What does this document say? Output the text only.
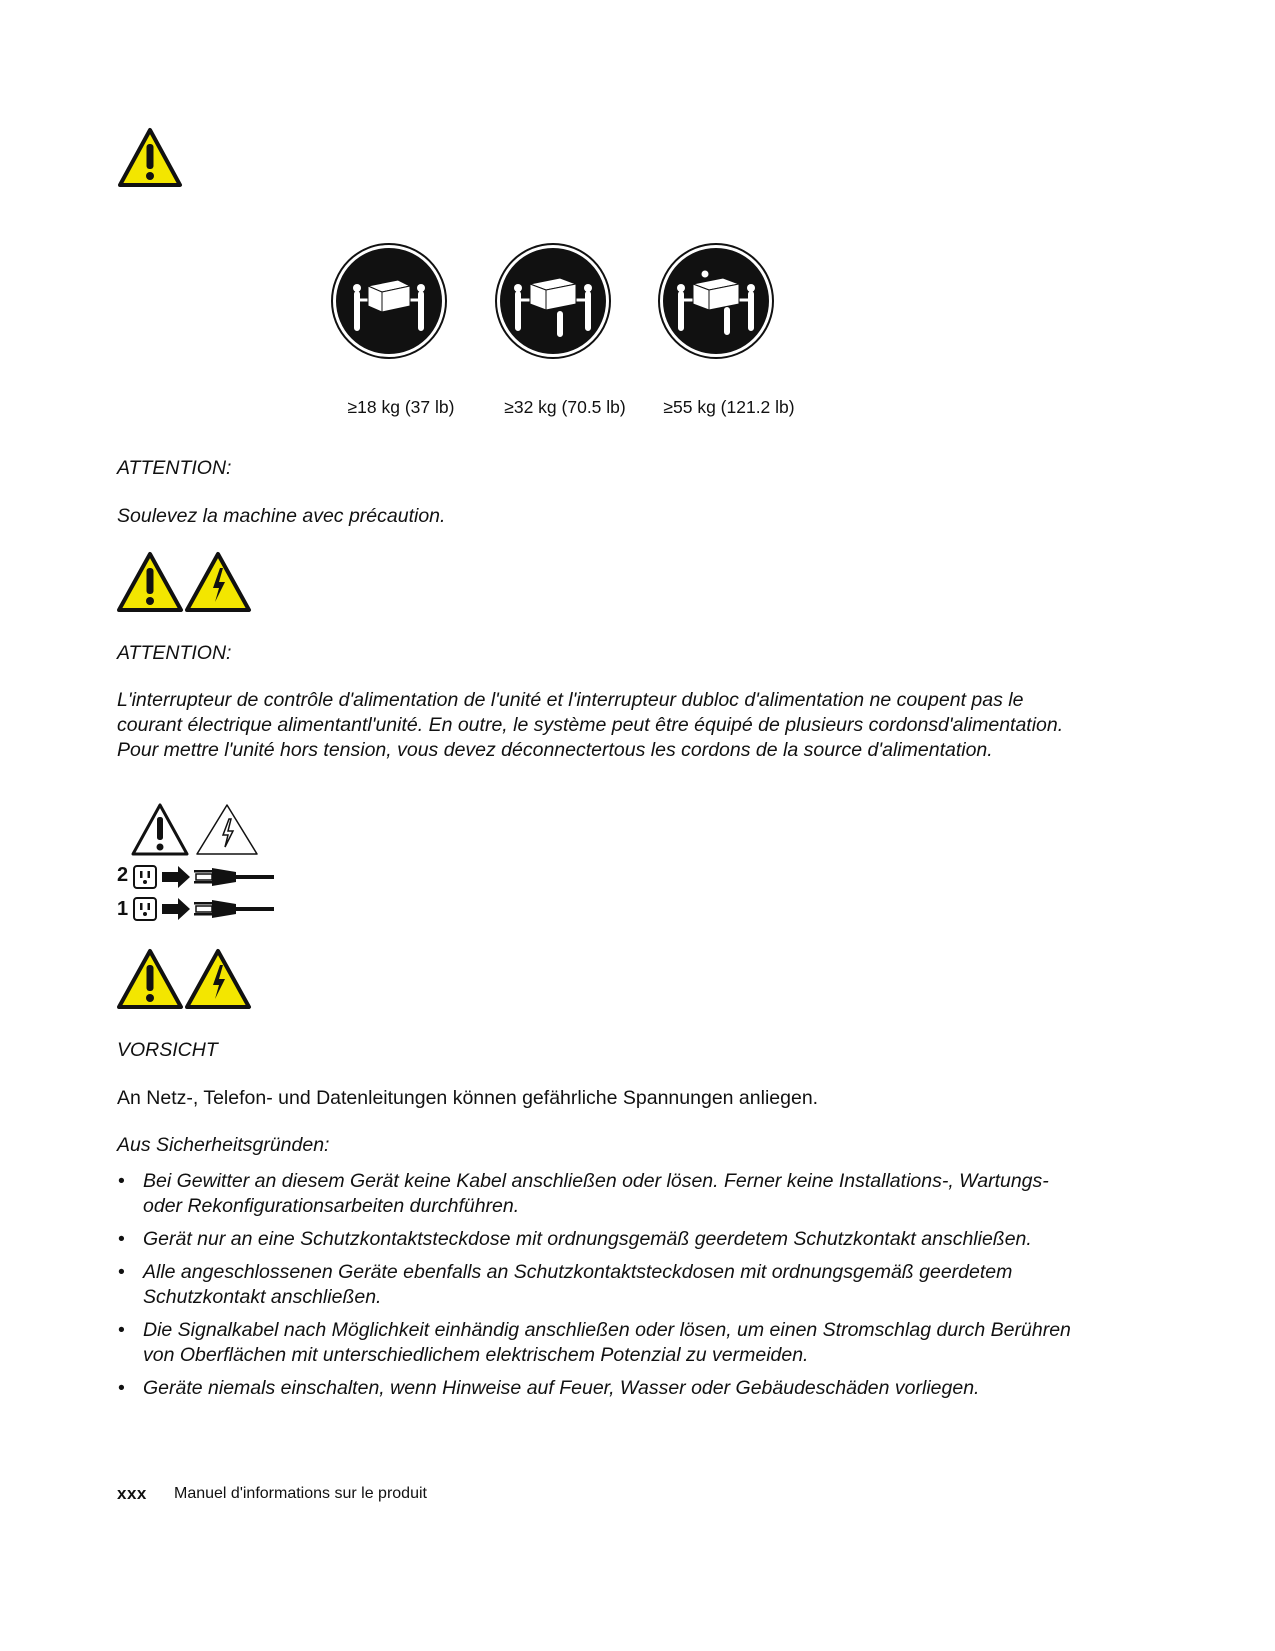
≥18 kg (37 lb)	≥32 kg (70.5 lb)	≥55 kg (121.2 lb)
ATTENTION:
Soulevez la machine avec précaution.
ATTENTION:
L'interrupteur de contrôle d'alimentation de l'unité et l'interrupteur dubloc d'alimentation ne coupent pas le courant électrique alimentantl'unité. En outre, le système peut être équipé de plusieurs cordonsd'alimentation. Pour mettre l'unité hors tension, vous devez déconnectertous les cordons de la source d'alimentation.
2
1
VORSICHT
An Netz-, Telefon- und Datenleitungen können gefährliche Spannungen anliegen.
Aus Sicherheitsgründen:
• Bei Gewitter an diesem Gerät keine Kabel anschließen oder lösen. Ferner keine Installations-, Wartungs- oder Rekonfigurationsarbeiten durchführen.
• Gerät nur an eine Schutzkontaktsteckdose mit ordnungsgemäß geerdetem Schutzkontakt anschließen.
• Alle angeschlossenen Geräte ebenfalls an Schutzkontaktsteckdosen mit ordnungsgemäß geerdetem Schutzkontakt anschließen.
• Die Signalkabel nach Möglichkeit einhändig anschließen oder lösen, um einen Stromschlag durch Berühren von Oberflächen mit unterschiedlichem elektrischem Potenzial zu vermeiden.
• Geräte niemals einschalten, wenn Hinweise auf Feuer, Wasser oder Gebäudeschäden vorliegen.
xxx Manuel d'informations sur le produit
